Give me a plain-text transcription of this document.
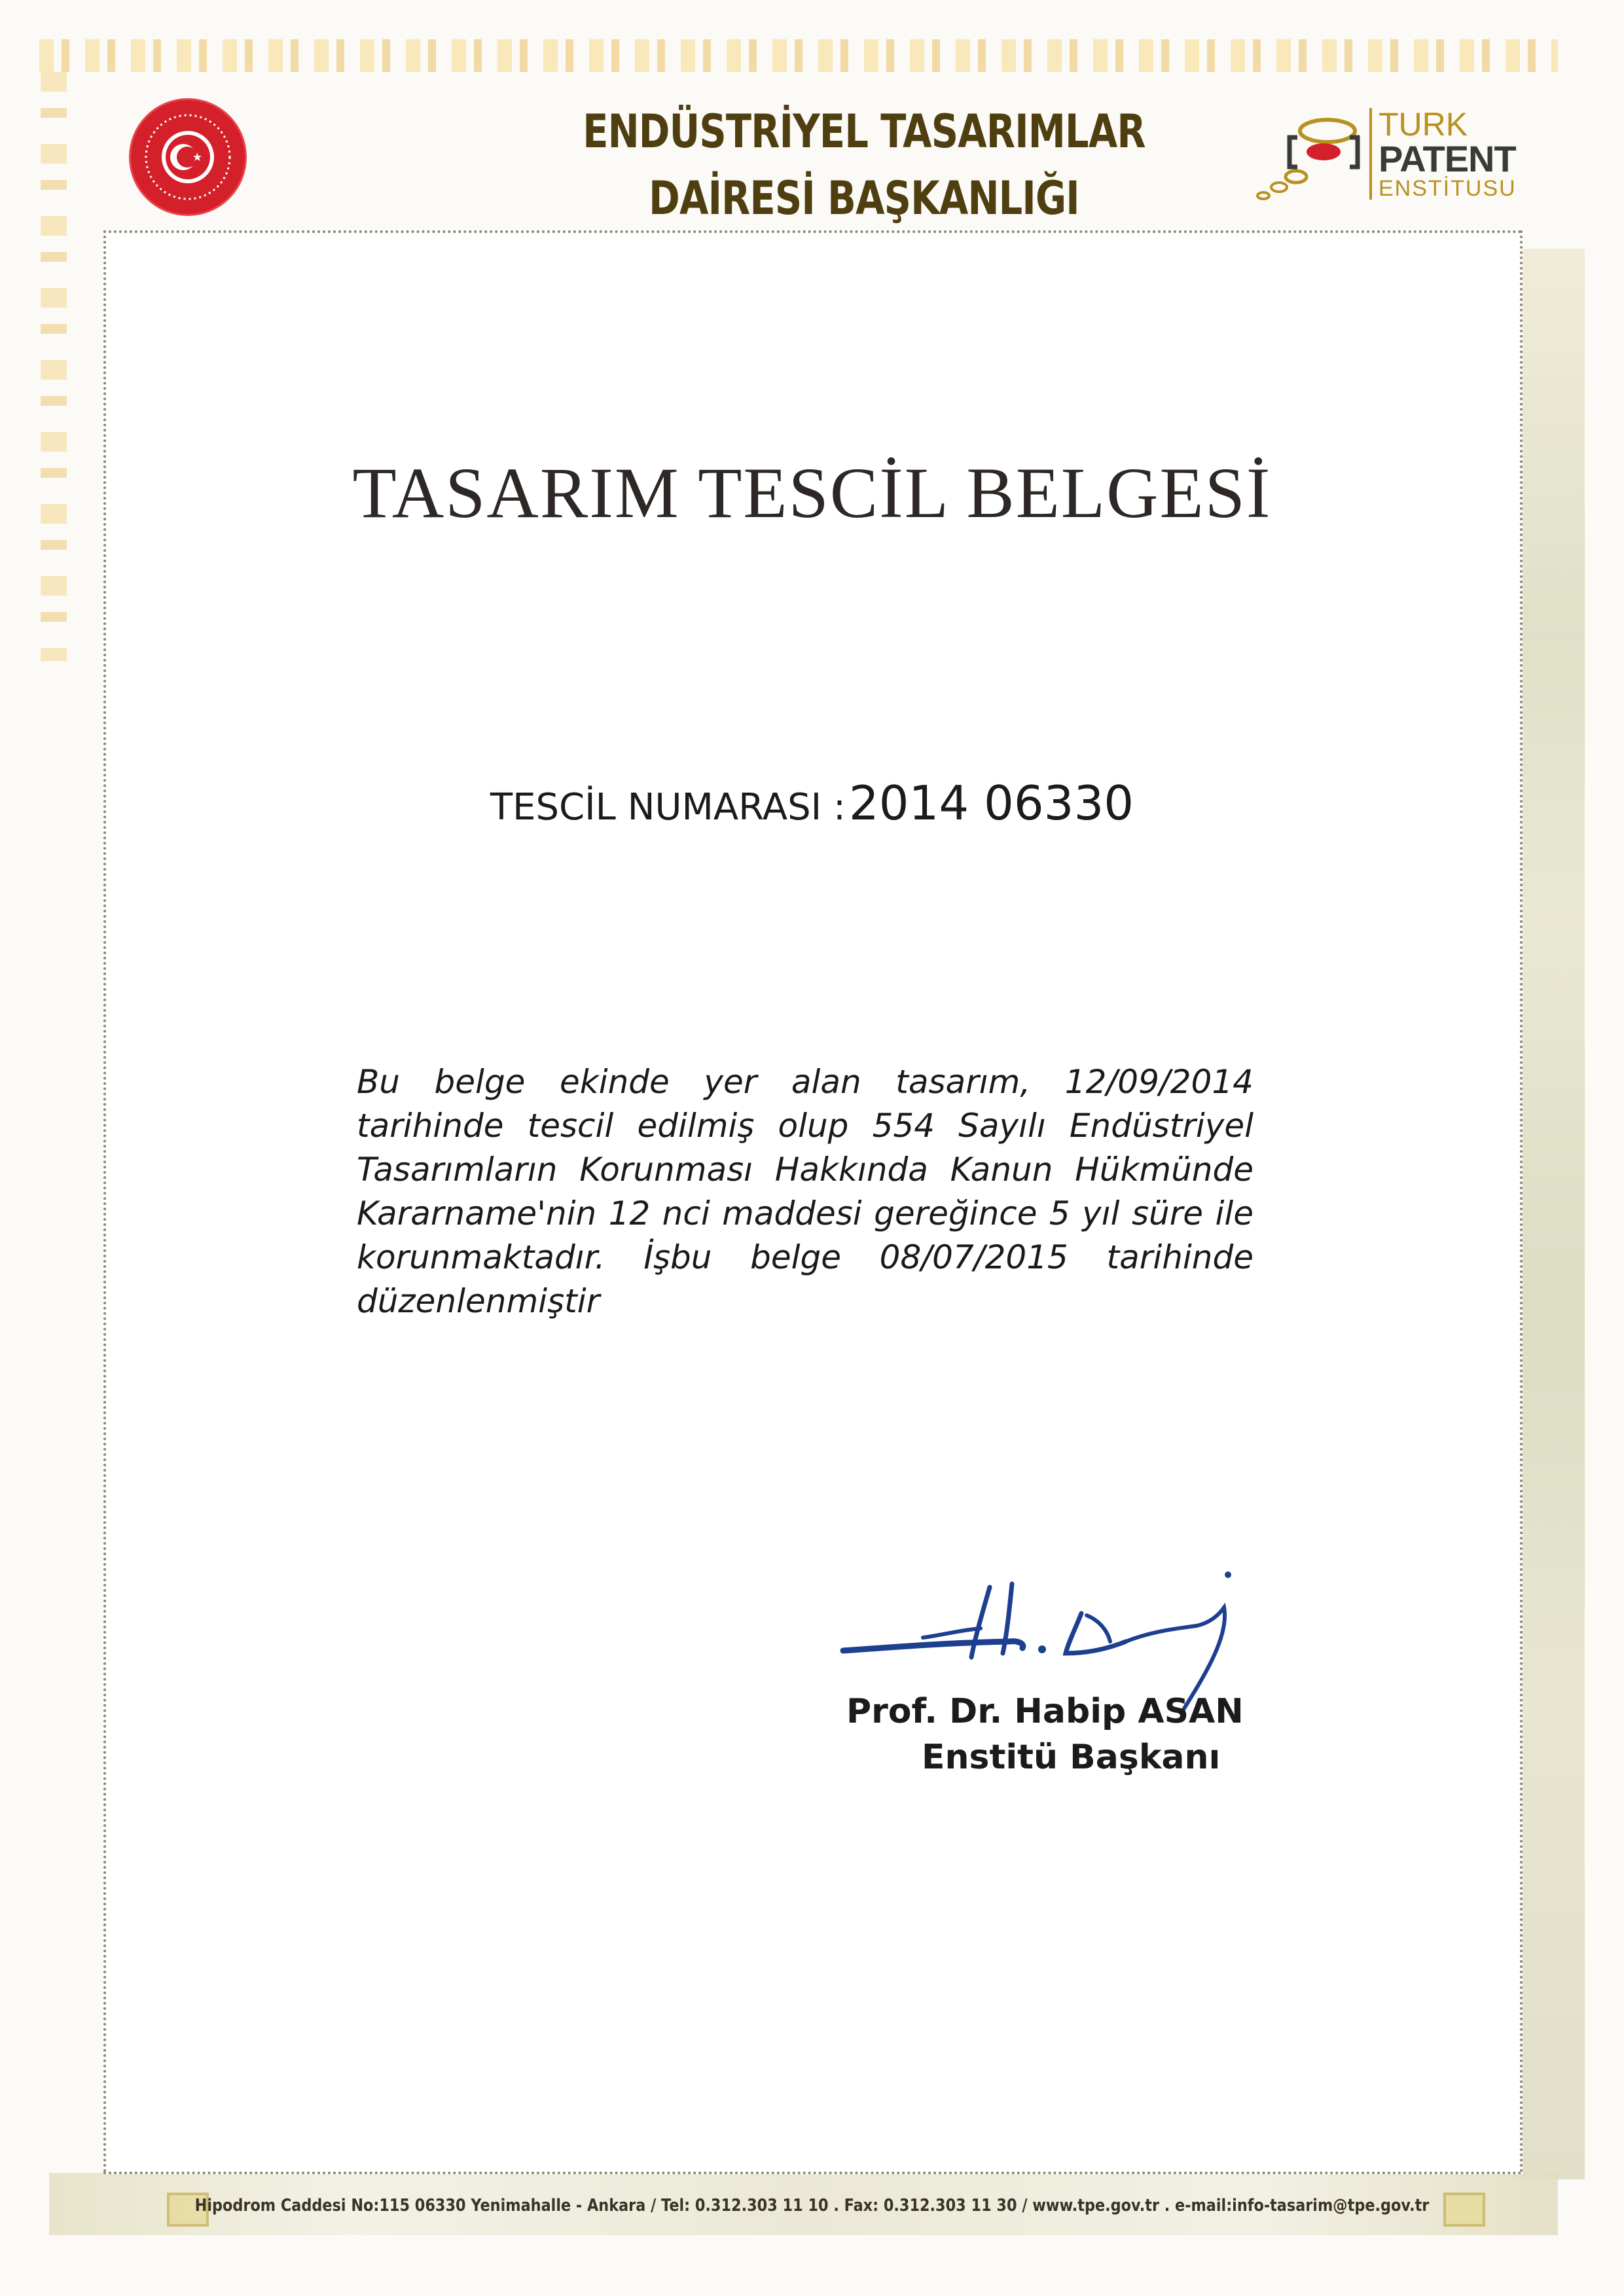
ENDÜSTRİYEL TASARIMLAR
DAİRESİ BAŞKANLIĞI
TURK
PATENT
ENSTİTUSU
TASARIM TESCİL BELGESİ
TESCİL NUMARASI : 2014 06330
Bu belge ekinde yer alan tasarım, 12/09/2014 tarihinde tescil edilmiş olup 554 Sayılı Endüstriyel Tasarımların Korunması Hakkında Kanun Hükmünde Kararname'nin 12 nci maddesi gereğince 5 yıl süre ile korunmaktadır. İşbu belge 08/07/2015 tarihinde düzenlenmiştir
Prof. Dr. Habip ASAN
Enstitü Başkanı
Hipodrom Caddesi No:115 06330 Yenimahalle - Ankara / Tel: 0.312.303 11 10 . Fax: 0.312.303 11 30 / www.tpe.gov.tr . e-mail:info-tasarim@tpe.gov.tr
